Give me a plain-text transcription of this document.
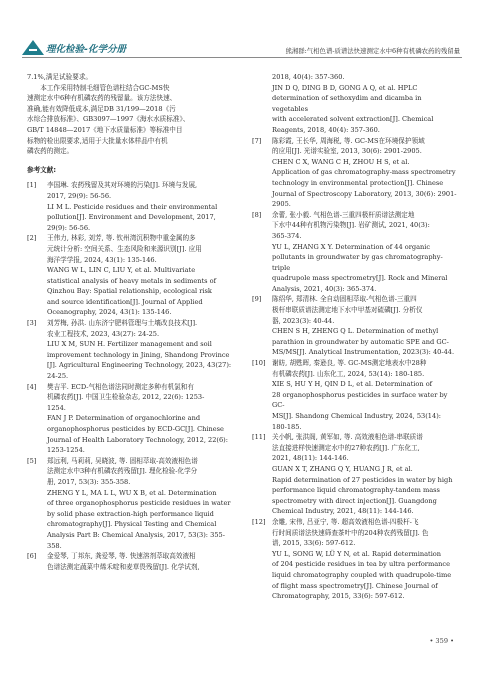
理化检验-化学分册	熊湘群:气相色谱-质谱法快速测定水中6种有机磷农药的残留量
7.1%,满足试验要求。
本工作采用特制毛细管色谱柱结合GC-MS快
速测定水中6种有机磷农药的残留量。该方法快速、
准确,能有效降低成本,满足DB 31/199—2018《污
水综合排放标准》、GB3097—1997《海水水质标准》、
GB/T 14848—2017《地下水质量标准》等标准中目
标物的检出限要求,适用于大批量水体样品中有机
磷农药的测定。
参考文献:
[1]	李国琳. 农药残留及其对环境的污染[J]. 环境与发展,
2017, 29(9): 56-56.
LI M L. Pesticide residues and their environmental
pollution[J]. Environment and Development, 2017,
29(9): 56-56.
[2]	王伟力, 林彩, 刘芳, 等. 钦州湾沉积物中重金属的多
元统计分析: 空间关系、生态风险和来源识别[J]. 应用
海洋学学报, 2024, 43(1): 135-146.
WANG W L, LIN C, LIU Y, et al. Multivariate
statistical analysis of heavy metals in sediments of
Qinzhou Bay: Spatial relationship, ecological risk
and source identification[J]. Journal of Applied
Oceanography, 2024, 43(1): 135-146.
[3]	刘芳梅, 孙洪. 山东济宁肥料管理与土壤改良技术[J].
农业工程技术, 2023, 43(27): 24-25.
LIU X M, SUN H. Fertilizer management and soil
improvement technology in Jining, Shandong Province
[J]. Agricultural Engineering Technology, 2023, 43(27):
24-25.
[4]	樊吉平. ECD-气相色谱法同时测定多种有机氯和有
机磷农药[J]. 中国卫生检验杂志, 2012, 22(6): 1253-
1254.
FAN J P. Determination of organochlorine and
organophosphorus pesticides by ECD-GC[J]. Chinese
Journal of Health Laboratory Technology, 2012, 22(6):
1253-1254.
[5]	郑远利, 马莉莉, 吴晓波, 等. 固相萃取-高效液相色谱
法测定水中3种有机磷农药残留[J]. 理化检验-化学分
册, 2017, 53(3): 355-358.
ZHENG Y L, MA L L, WU X B, et al. Determination
of three organophosphorus pesticide residues in water
by solid phase extraction-high performance liquid
chromatography[J]. Physical Testing and Chemical
Analysis Part B: Chemical Analysis, 2017, 53(3): 355-358.
[6]	金爱琴, 丁邦东, 龚爱琴, 等. 快速溶剂萃取高效液相
色谱法测定蔬菜中烯禾啶和麦草畏残留[J]. 化学试剂,
2018, 40(4): 357-360.
JIN D Q, DING B D, GONG A Q, et al. HPLC
determination of sethoxydim and dicamba in vegetables
with accelerated solvent extraction[J]. Chemical
Reagents, 2018, 40(4): 357-360.
[7]	陈彩霞, 王长华, 周海税, 等. GC-MS在环境保护领域
的应用[J]. 光谱实验室, 2013, 30(6): 2901-2905.
CHEN C X, WANG C H, ZHOU H S, et al.
Application of gas chromatography-mass spectrometry
technology in environmental protection[J]. Chinese
Journal of Spectroscopy Laboratory, 2013, 30(6): 2901-
2905.
[8]	余蕾, 张小毅. 气相色谱-三重四极杆质谱法测定地
下水中44种有机物污染物[J]. 岩矿测试, 2021, 40(3):
365-374.
YU L, ZHANG X Y. Determination of 44 organic
pollutants in groundwater by gas chromatography-triple
quadrupole mass spectrometry[J]. Rock and Mineral
Analysis, 2021, 40(3): 365-374.
[9]	陈绍华, 郑清林. 全自动固相萃取-气相色谱-三重四
极杆串联质谱法测定地下水中甲基对硫磷[J]. 分析仪
器, 2023(3): 40-44.
CHEN S H, ZHENG Q L. Determination of methyl
parathion in groundwater by automatic SPE and GC-
MS/MS[J]. Analytical Instrumentation, 2023(3): 40-44.
[10] 谢昉, 胡甦晖, 秦逊良, 等. GC-MS测定地表水中28种
有机磷农药[J]. 山东化工, 2024, 53(14): 180-185.
XIE S, HU Y H, QIN D L, et al. Determination of
28 organophosphorus pesticides in surface water by GC-
MS[J]. Shandong Chemical Industry, 2024, 53(14):
180-185.
[11] 关小帆, 张洪阁, 黄军如, 等. 高效液相色谱-串联质谱
法直接进样快速测定水中的27种农药[J]. 广东化工,
2021, 48(11): 144-146.
GUAN X T, ZHANG Q Y, HUANG J R, et al.
Rapid determination of 27 pesticides in water by high
performance liquid chromatography-tandem mass
spectrometry with direct injection[J]. Guangdong
Chemical Industry, 2021, 48(11): 144-146.
[12] 余雕, 宋伟, 吕亚宁, 等. 超高效液相色谱-四极杆-飞
行时间质谱法快速筛查茶叶中的204种农药残留[J]. 色
谱, 2015, 33(6): 597-612.
YU L, SONG W, LÜ Y N, et al. Rapid determination
of 204 pesticide residues in tea by ultra performance
liquid chromatography coupled with quadrupole-time
of flight mass spectrometry[J]. Chinese Journal of
Chromatography, 2015, 33(6): 597-612.
• 359 •
